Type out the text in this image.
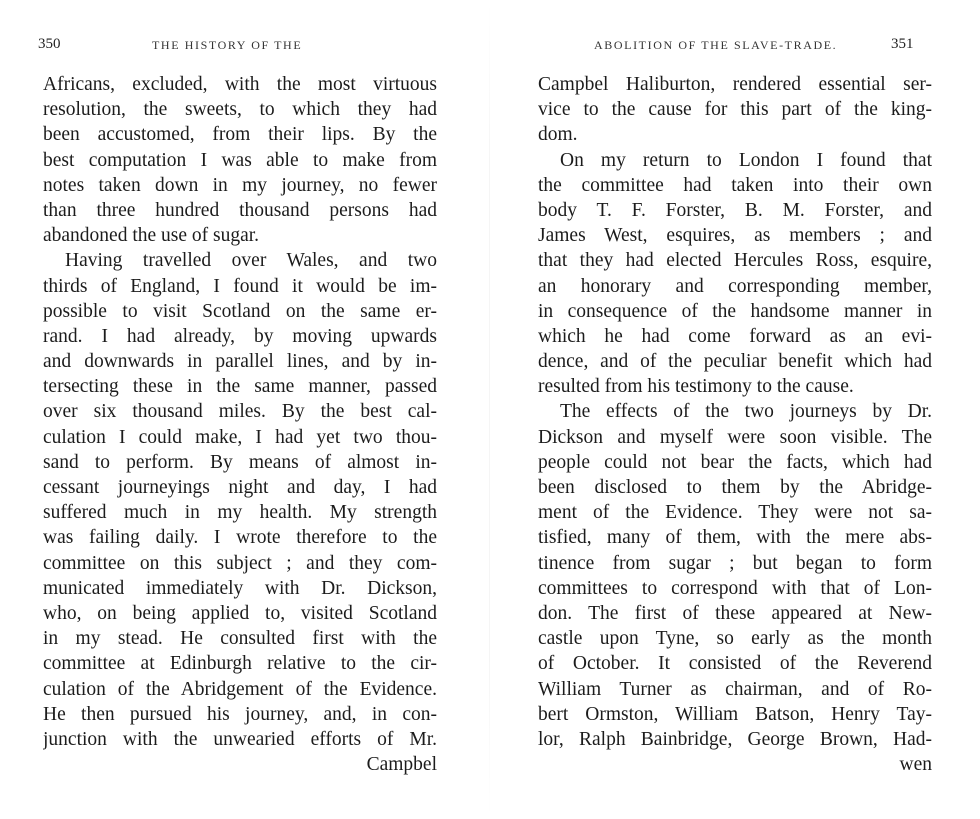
350	THE HISTORY OF THE
Africans, excluded, with the most virtuous
resolution, the sweets, to which they had
been accustomed, from their lips. By the
best computation I was able to make from
notes taken down in my journey, no fewer
than three hundred thousand persons had
abandoned the use of sugar.
Having travelled over Wales, and two
thirds of England, I found it would be im-
possible to visit Scotland on the same er-
rand. I had already, by moving upwards
and downwards in parallel lines, and by in-
tersecting these in the same manner, passed
over six thousand miles. By the best cal-
culation I could make, I had yet two thou-
sand to perform. By means of almost in-
cessant journeyings night and day, I had
suffered much in my health. My strength
was failing daily. I wrote therefore to the
committee on this subject ; and they com-
municated immediately with Dr. Dickson,
who, on being applied to, visited Scotland
in my stead. He consulted first with the
committee at Edinburgh relative to the cir-
culation of the Abridgement of the Evidence.
He then pursued his journey, and, in con-
junction with the unwearied efforts of Mr.
Campbel
ABOLITION OF THE SLAVE-TRADE.	351
Campbel Haliburton, rendered essential ser-
vice to the cause for this part of the king-
dom.
On my return to London I found that
the committee had taken into their own
body T. F. Forster, B. M. Forster, and
James West, esquires, as members ; and
that they had elected Hercules Ross, esquire,
an honorary and corresponding member,
in consequence of the handsome manner in
which he had come forward as an evi-
dence, and of the peculiar benefit which had
resulted from his testimony to the cause.
The effects of the two journeys by Dr.
Dickson and myself were soon visible. The
people could not bear the facts, which had
been disclosed to them by the Abridge-
ment of the Evidence. They were not sa-
tisfied, many of them, with the mere abs-
tinence from sugar ; but began to form
committees to correspond with that of Lon-
don. The first of these appeared at New-
castle upon Tyne, so early as the month
of October. It consisted of the Reverend
William Turner as chairman, and of Ro-
bert Ormston, William Batson, Henry Tay-
lor, Ralph Bainbridge, George Brown, Had-
wen
